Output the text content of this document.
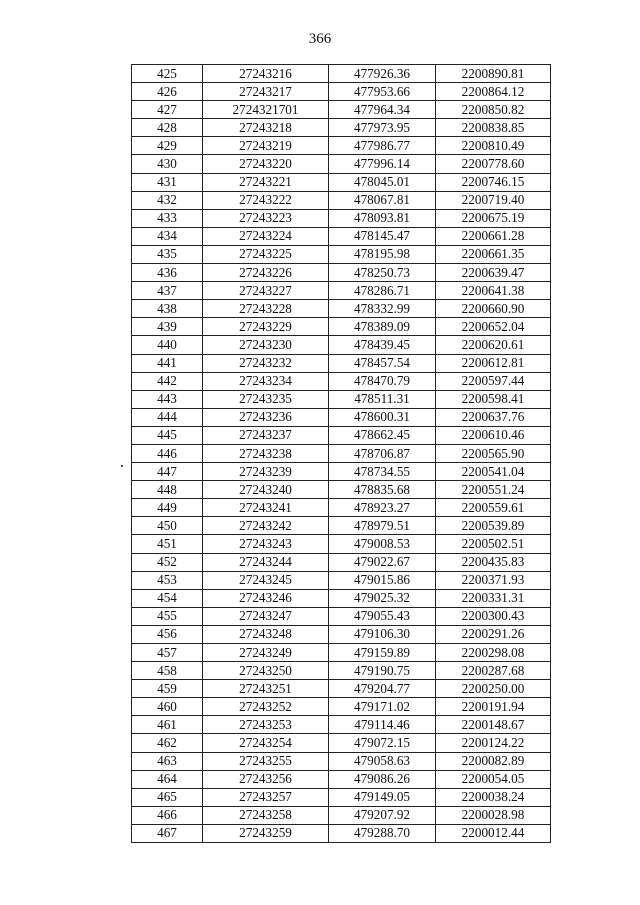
366
425	27243216	477926.36	2200890.81
426	27243217	477953.66	2200864.12
427	2724321701	477964.34	2200850.82
428	27243218	477973.95	2200838.85
429	27243219	477986.77	2200810.49
430	27243220	477996.14	2200778.60
431	27243221	478045.01	2200746.15
432	27243222	478067.81	2200719.40
433	27243223	478093.81	2200675.19
434	27243224	478145.47	2200661.28
435	27243225	478195.98	2200661.35
436	27243226	478250.73	2200639.47
437	27243227	478286.71	2200641.38
438	27243228	478332.99	2200660.90
439	27243229	478389.09	2200652.04
440	27243230	478439.45	2200620.61
441	27243232	478457.54	2200612.81
442	27243234	478470.79	2200597.44
443	27243235	478511.31	2200598.41
444	27243236	478600.31	2200637.76
445	27243237	478662.45	2200610.46
446	27243238	478706.87	2200565.90
447	27243239	478734.55	2200541.04
448	27243240	478835.68	2200551.24
449	27243241	478923.27	2200559.61
450	27243242	478979.51	2200539.89
451	27243243	479008.53	2200502.51
452	27243244	479022.67	2200435.83
453	27243245	479015.86	2200371.93
454	27243246	479025.32	2200331.31
455	27243247	479055.43	2200300.43
456	27243248	479106.30	2200291.26
457	27243249	479159.89	2200298.08
458	27243250	479190.75	2200287.68
459	27243251	479204.77	2200250.00
460	27243252	479171.02	2200191.94
461	27243253	479114.46	2200148.67
462	27243254	479072.15	2200124.22
463	27243255	479058.63	2200082.89
464	27243256	479086.26	2200054.05
465	27243257	479149.05	2200038.24
466	27243258	479207.92	2200028.98
467	27243259	479288.70	2200012.44
